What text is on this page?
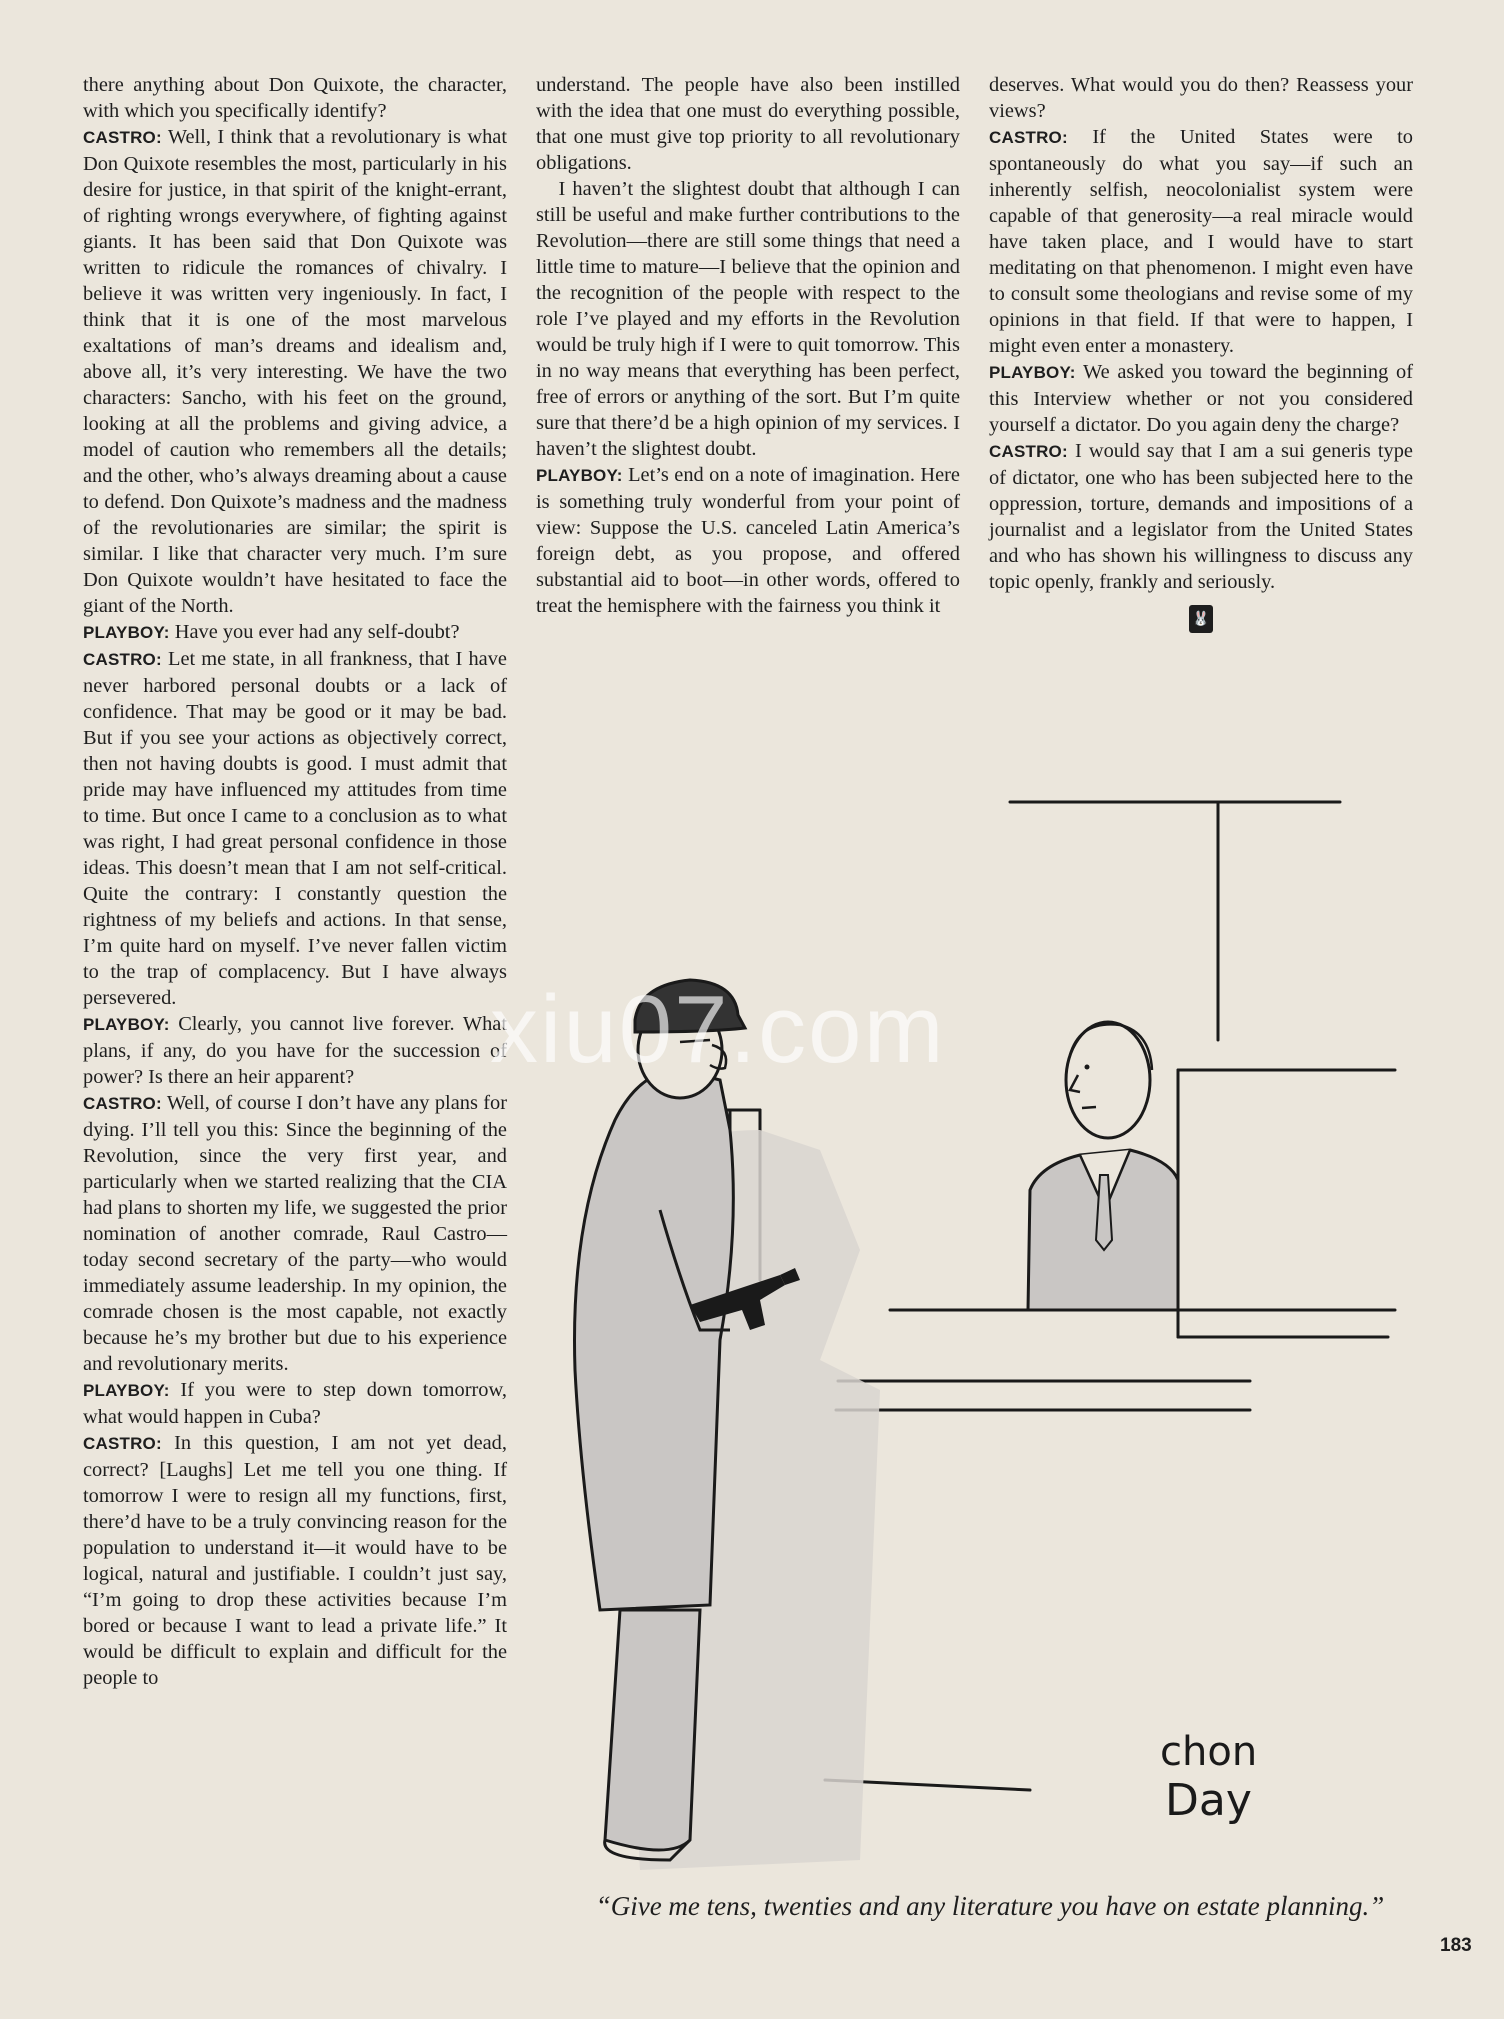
there anything about Don Quixote, the character, with which you specifically identify?

CASTRO: Well, I think that a revolutionary is what Don Quixote resembles the most, particularly in his desire for justice, in that spirit of the knight-errant, of righting wrongs everywhere, of fighting against giants. It has been said that Don Quixote was written to ridicule the romances of chivalry. I believe it was written very ingeniously. In fact, I think that it is one of the most marvelous exaltations of man’s dreams and idealism and, above all, it’s very interesting. We have the two characters: Sancho, with his feet on the ground, looking at all the problems and giving advice, a model of caution who remembers all the details; and the other, who’s always dreaming about a cause to defend. Don Quixote’s madness and the madness of the revolutionaries are similar; the spirit is similar. I like that character very much. I’m sure Don Quixote wouldn’t have hesitated to face the giant of the North.

PLAYBOY: Have you ever had any self-doubt?

CASTRO: Let me state, in all frankness, that I have never harbored personal doubts or a lack of confidence. That may be good or it may be bad. But if you see your actions as objectively correct, then not having doubts is good. I must admit that pride may have influenced my attitudes from time to time. But once I came to a conclusion as to what was right, I had great personal confidence in those ideas. This doesn’t mean that I am not self-critical. Quite the contrary: I constantly question the rightness of my beliefs and actions. In that sense, I’m quite hard on myself. I’ve never fallen victim to the trap of complacency. But I have always persevered.

PLAYBOY: Clearly, you cannot live forever. What plans, if any, do you have for the succession of power? Is there an heir apparent?

CASTRO: Well, of course I don’t have any plans for dying. I’ll tell you this: Since the beginning of the Revolution, since the very first year, and particularly when we started realizing that the CIA had plans to shorten my life, we suggested the prior nomination of another comrade, Raul Castro—today second secretary of the party—who would immediately assume leadership. In my opinion, the comrade chosen is the most capable, not exactly because he’s my brother but due to his experience and revolutionary merits.

PLAYBOY: If you were to step down tomorrow, what would happen in Cuba?

CASTRO: In this question, I am not yet dead, correct? [Laughs] Let me tell you one thing. If tomorrow I were to resign all my functions, first, there’d have to be a truly convincing reason for the population to understand it—it would have to be logical, natural and justifiable. I couldn’t just say, “I’m going to drop these activities because I’m bored or because I want to lead a private life.” It would be difficult to explain and difficult for the people to

understand. The people have also been instilled with the idea that one must do everything possible, that one must give top priority to all revolutionary obligations.

I haven’t the slightest doubt that although I can still be useful and make further contributions to the Revolution—there are still some things that need a little time to mature—I believe that the opinion and the recognition of the people with respect to the role I’ve played and my efforts in the Revolution would be truly high if I were to quit tomorrow. This in no way means that everything has been perfect, free of errors or anything of the sort. But I’m quite sure that there’d be a high opinion of my services. I haven’t the slightest doubt.

PLAYBOY: Let’s end on a note of imagination. Here is something truly wonderful from your point of view: Suppose the U.S. canceled Latin America’s foreign debt, as you propose, and offered substantial aid to boot—in other words, offered to treat the hemisphere with the fairness you think it

deserves. What would you do then? Reassess your views?

CASTRO: If the United States were to spontaneously do what you say—if such an inherently selfish, neocolonialist system were capable of that generosity—a real miracle would have taken place, and I would have to start meditating on that phenomenon. I might even have to consult some theologians and revise some of my opinions in that field. If that were to happen, I might even enter a monastery.

PLAYBOY: We asked you toward the beginning of this Interview whether or not you considered yourself a dictator. Do you again deny the charge?

CASTRO: I would say that I am a sui generis type of dictator, one who has been subjected here to the oppression, torture, demands and impositions of a journalist and a legislator from the United States and who has shown his willingness to discuss any topic openly, frankly and seriously.

🐰
chon
Day
“Give me tens, twenties and any literature you have on estate planning.”
183
xiu07.com
